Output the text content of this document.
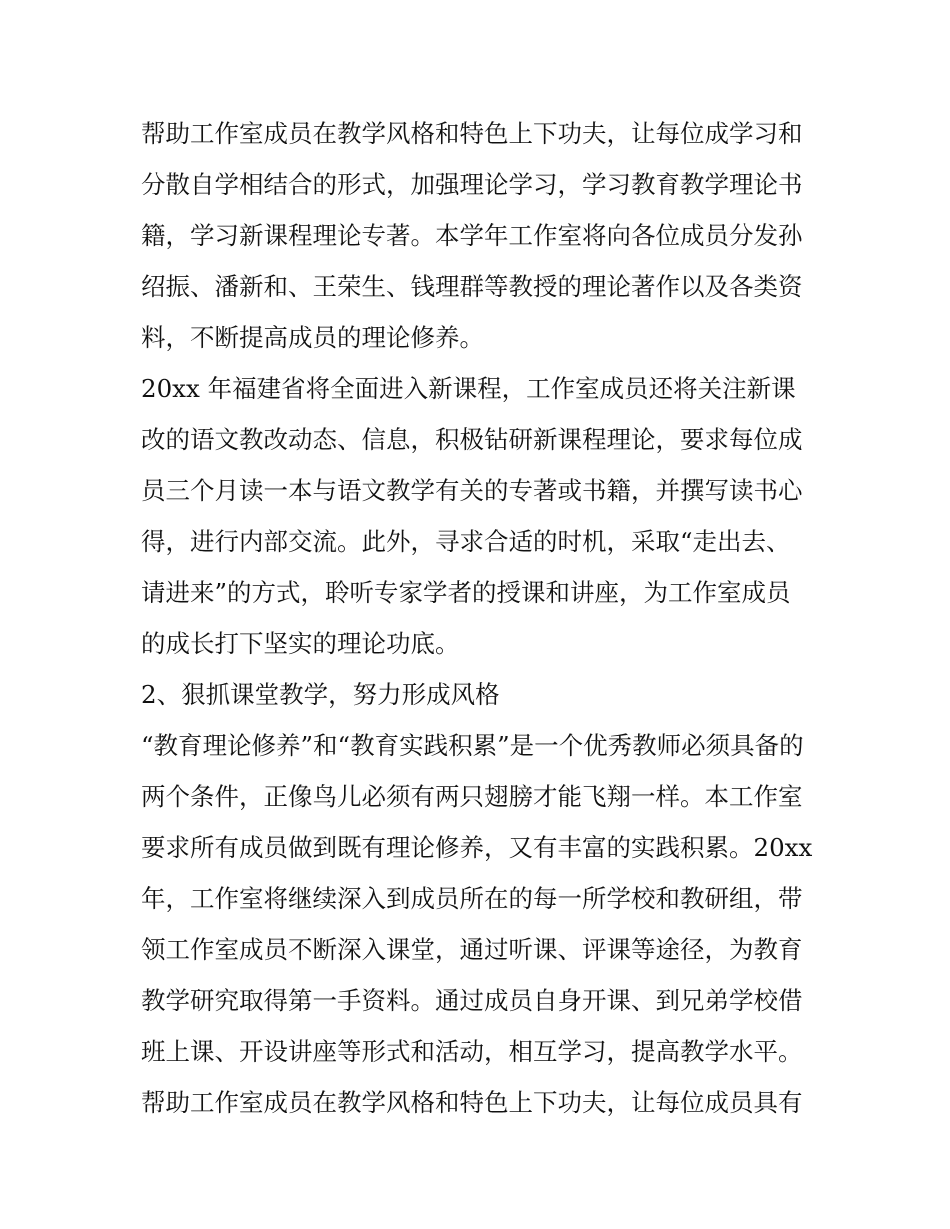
帮助工作室成员在教学风格和特色上下功夫，让每位成学习和
分散自学相结合的形式，加强理论学习，学习教育教学理论书
籍，学习新课程理论专著。本学年工作室将向各位成员分发孙
绍振、潘新和、王荣生、钱理群等教授的理论著作以及各类资
料，不断提高成员的理论修养。
20xx 年福建省将全面进入新课程，工作室成员还将关注新课
改的语文教改动态、信息，积极钻研新课程理论，要求每位成
员三个月读一本与语文教学有关的专著或书籍，并撰写读书心
得，进行内部交流。此外，寻求合适的时机，采取“走出去、
请进来”的方式，聆听专家学者的授课和讲座，为工作室成员
的成长打下坚实的理论功底。
2、狠抓课堂教学，努力形成风格
“教育理论修养”和“教育实践积累”是一个优秀教师必须具备的
两个条件，正像鸟儿必须有两只翅膀才能飞翔一样。本工作室
要求所有成员做到既有理论修养，又有丰富的实践积累。20xx
年，工作室将继续深入到成员所在的每一所学校和教研组，带
领工作室成员不断深入课堂，通过听课、评课等途径，为教育
教学研究取得第一手资料。通过成员自身开课、到兄弟学校借
班上课、开设讲座等形式和活动，相互学习，提高教学水平。
帮助工作室成员在教学风格和特色上下功夫，让每位成员具有
